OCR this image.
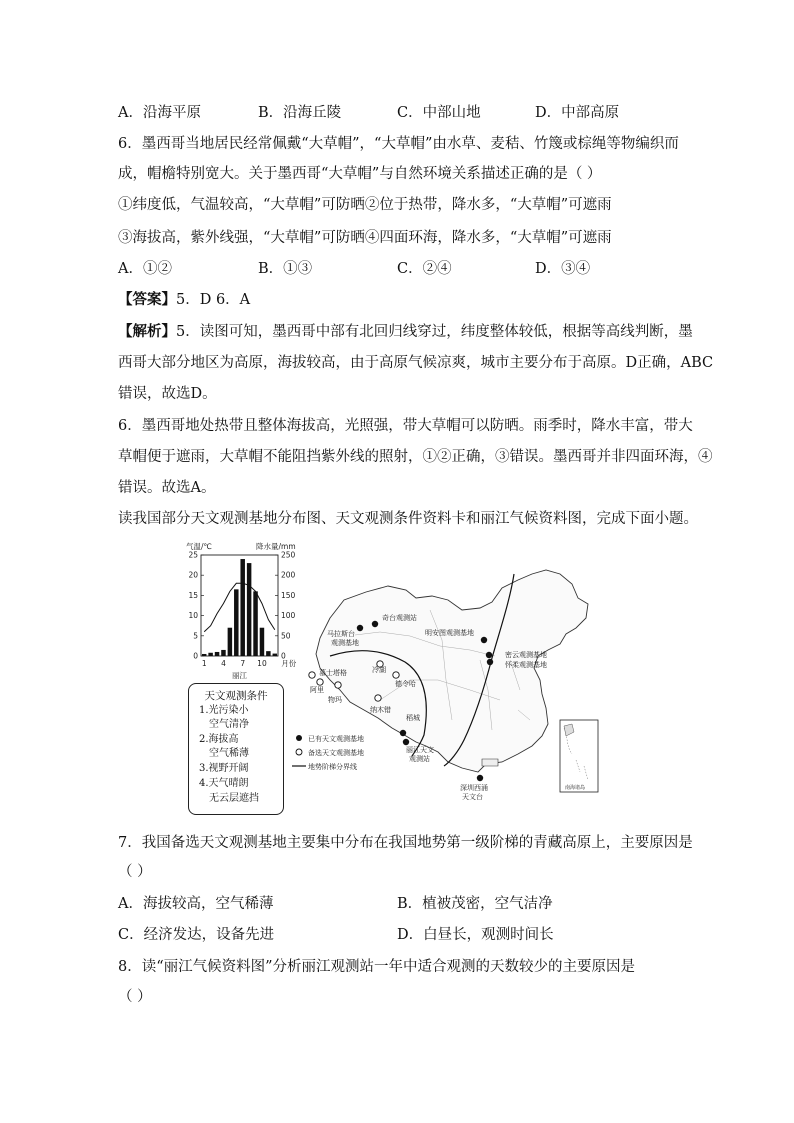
A．沿海平原	B．沿海丘陵	C．中部山地	D．中部高原
6．墨西哥当地居民经常佩戴“大草帽”，“大草帽”由水草、麦秸、竹篾或棕绳等物编织而
成，帽檐特别宽大。关于墨西哥“大草帽”与自然环境关系描述正确的是（ ）
①纬度低，气温较高，“大草帽”可防晒②位于热带，降水多，“大草帽”可遮雨
③海拔高，紫外线强，“大草帽”可防晒④四面环海，降水多，“大草帽”可遮雨
A．①②	B．①③	C．②④	D．③④
【答案】5．D 6．A
【解析】5．读图可知，墨西哥中部有北回归线穿过，纬度整体较低，根据等高线判断，墨
西哥大部分地区为高原，海拔较高，由于高原气候凉爽，城市主要分布于高原。D正确，ABC
错误，故选D。
6．墨西哥地处热带且整体海拔高，光照强，带大草帽可以防晒。雨季时，降水丰富，带大
草帽便于遮雨，大草帽不能阻挡紫外线的照射，①②正确，③错误。墨西哥并非四面环海，④
错误。故选A。
读我国部分天文观测基地分布图、天文观测条件资料卡和丽江气候资料图，完成下面小题。
气温/℃	降水量/mm
25
20
15
10
5
0
250
200
150
100
50
0
1 4 7 10 月份
丽江
奇台观测站
马拉斯台
观测基地
明安图观测基地
密云观测基地
怀柔观测基地
慕士塔格
阿里
物玛
冷湖
德令哈
纳木错
稻城
丽江天文
观测站
深圳西涌
天文台
已有天文观测基地
备选天文观测基地
地势阶梯分界线
南海诸岛
天文观测条件
1.光污染小
空气清净
2.海拔高
空气稀薄
3.视野开阔
4.天气晴朗
无云层遮挡
7．我国备选天文观测基地主要集中分布在我国地势第一级阶梯的青藏高原上，主要原因是
（ ）
A．海拔较高，空气稀薄	B．植被茂密，空气洁净
C．经济发达，设备先进	D．白昼长，观测时间长
8．读“丽江气候资料图”分析丽江观测站一年中适合观测的天数较少的主要原因是
（ ）
